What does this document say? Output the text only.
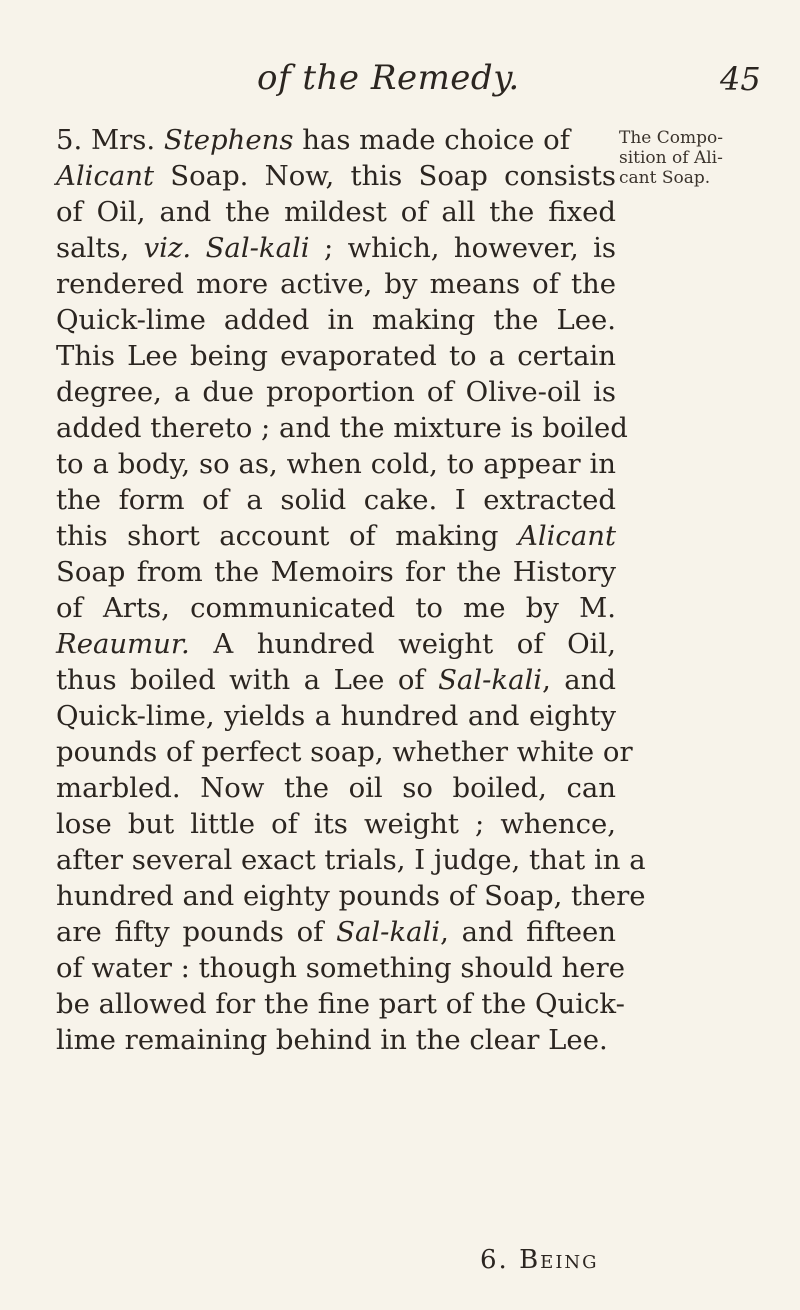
of the Remedy.	45
The Compo-
sition of Ali-
cant Soap.
5. Mrs. Stephens has made choice of
Alicant Soap. Now, this Soap consists
of Oil, and the mildest of all the fixed
salts, viz. Sal-kali ; which, however, is
rendered more active, by means of the
Quick-lime added in making the Lee.
This Lee being evaporated to a certain
degree, a due proportion of Olive-oil is
added thereto ; and the mixture is boiled
to a body, so as, when cold, to appear in
the form of a solid cake. I extracted
this short account of making Alicant
Soap from the Memoirs for the History
of Arts, communicated to me by M.
Reaumur. A hundred weight of Oil,
thus boiled with a Lee of Sal-kali, and
Quick-lime, yields a hundred and eighty
pounds of perfect soap, whether white or
marbled. Now the oil so boiled, can
lose but little of its weight ; whence,
after several exact trials, I judge, that in a
hundred and eighty pounds of Soap, there
are fifty pounds of Sal-kali, and fifteen
of water : though something should here
be allowed for the fine part of the Quick-
lime remaining behind in the clear Lee.
6. Being
